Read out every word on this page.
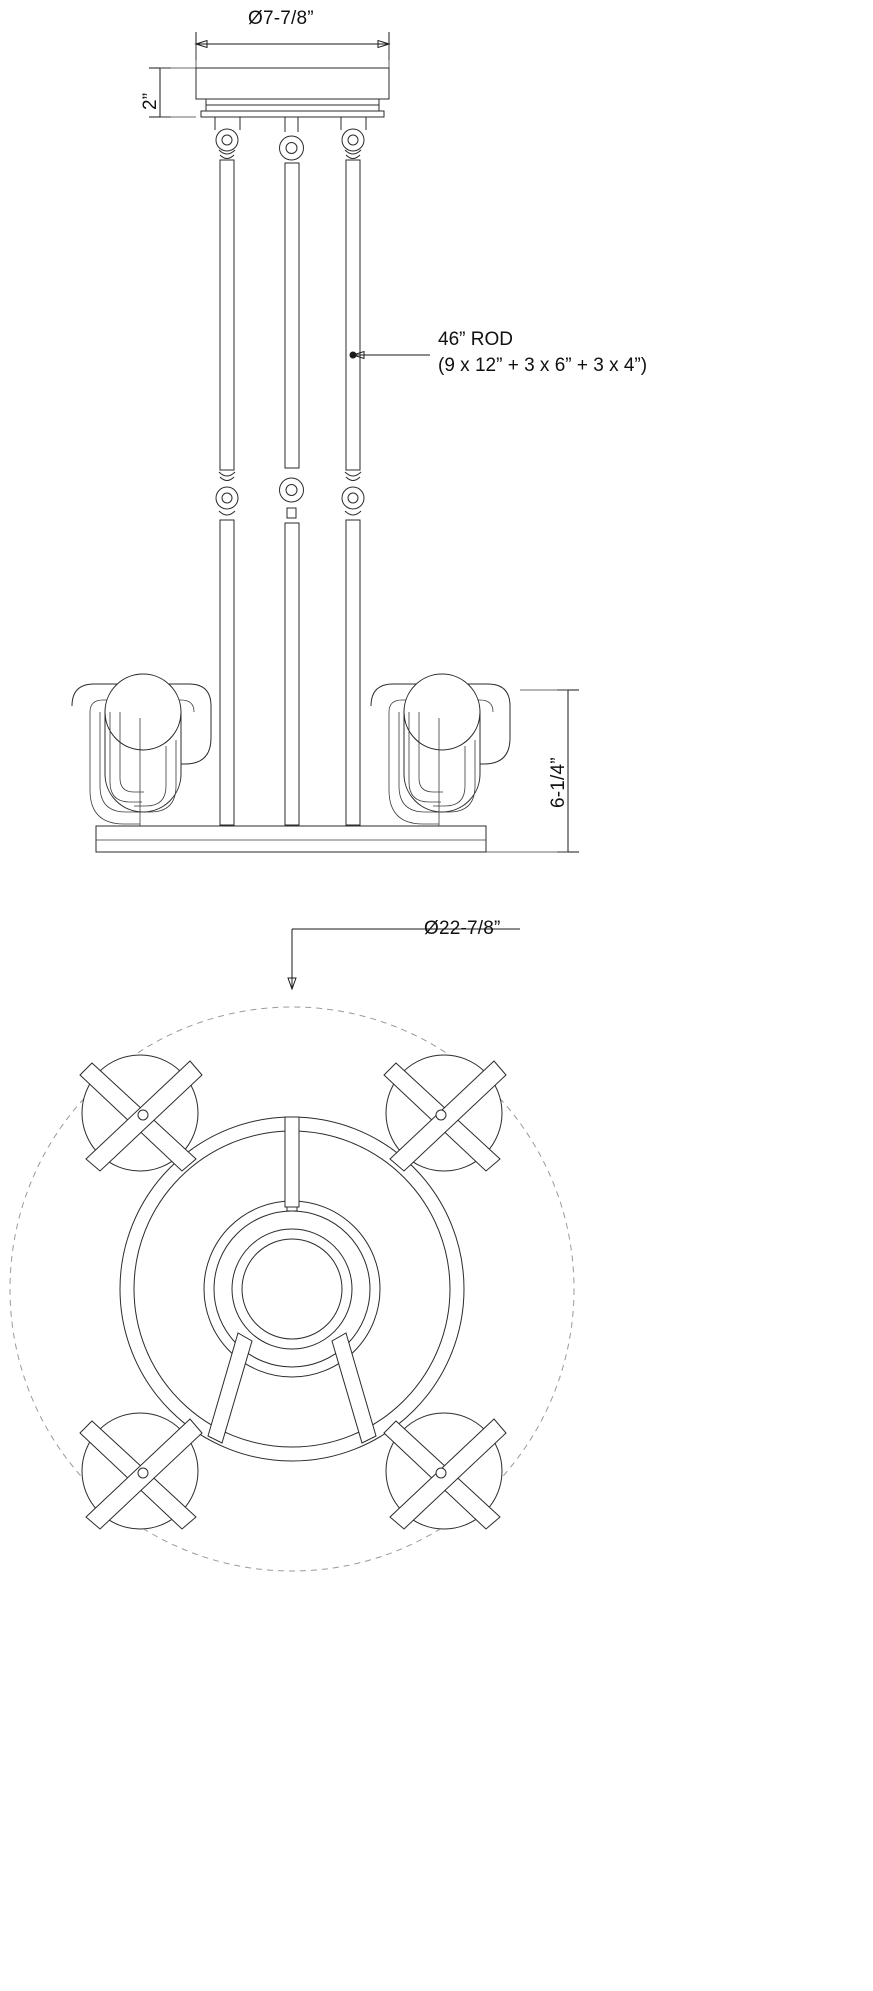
Ø7-7/8”
2”
6-1/4”
46” ROD
(9 x 12” + 3 x 6” + 3 x 4”)
Ø22-7/8”
